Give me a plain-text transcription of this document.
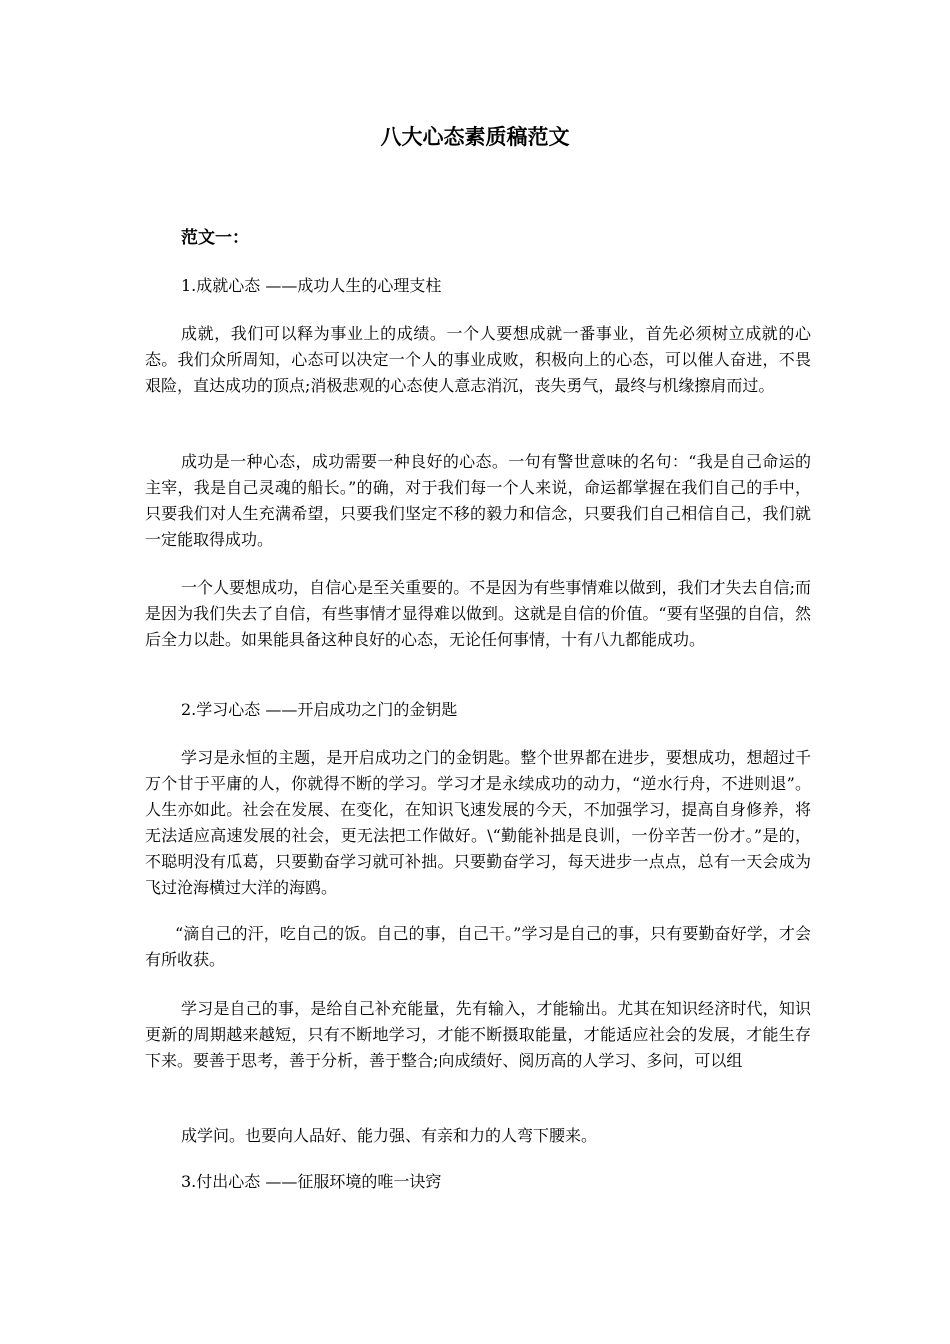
八大心态素质稿范文

范文一：

1.成就心态 ——成功人生的心理支柱

成就，我们可以释为事业上的成绩。一个人要想成就一番事业，首先必须树立成就的心态。我们众所周知，心态可以决定一个人的事业成败，积极向上的心态，可以催人奋进，不畏艰险，直达成功的顶点;消极悲观的心态使人意志消沉，丧失勇气，最终与机缘擦肩而过。

成功是一种心态，成功需要一种良好的心态。一句有警世意味的名句：“我是自己命运的主宰，我是自己灵魂的船长。”的确，对于我们每一个人来说，命运都掌握在我们自己的手中，只要我们对人生充满希望，只要我们坚定不移的毅力和信念，只要我们自己相信自己，我们就一定能取得成功。

一个人要想成功，自信心是至关重要的。不是因为有些事情难以做到，我们才失去自信;而是因为我们失去了自信，有些事情才显得难以做到。这就是自信的价值。“要有坚强的自信，然后全力以赴。如果能具备这种良好的心态，无论任何事情，十有八九都能成功。

2.学习心态 ——开启成功之门的金钥匙

学习是永恒的主题，是开启成功之门的金钥匙。整个世界都在进步，要想成功，想超过千万个甘于平庸的人，你就得不断的学习。学习才是永续成功的动力，“逆水行舟，不进则退”。人生亦如此。社会在发展、在变化，在知识飞速发展的今天，不加强学习，提高自身修养，将无法适应高速发展的社会，更无法把工作做好。\“勤能补拙是良训，一份辛苦一份才。”是的，不聪明没有瓜葛，只要勤奋学习就可补拙。只要勤奋学习，每天进步一点点，总有一天会成为飞过沧海横过大洋的海鸥。

“滴自己的汗，吃自己的饭。自己的事，自己干。”学习是自己的事，只有要勤奋好学，才会有所收获。

学习是自己的事，是给自己补充能量，先有输入，才能输出。尤其在知识经济时代，知识更新的周期越来越短，只有不断地学习，才能不断摄取能量，才能适应社会的发展，才能生存下来。要善于思考，善于分析，善于整合;向成绩好、阅历高的人学习、多问，可以组

成学问。也要向人品好、能力强、有亲和力的人弯下腰来。

3.付出心态 ——征服环境的唯一诀窍
